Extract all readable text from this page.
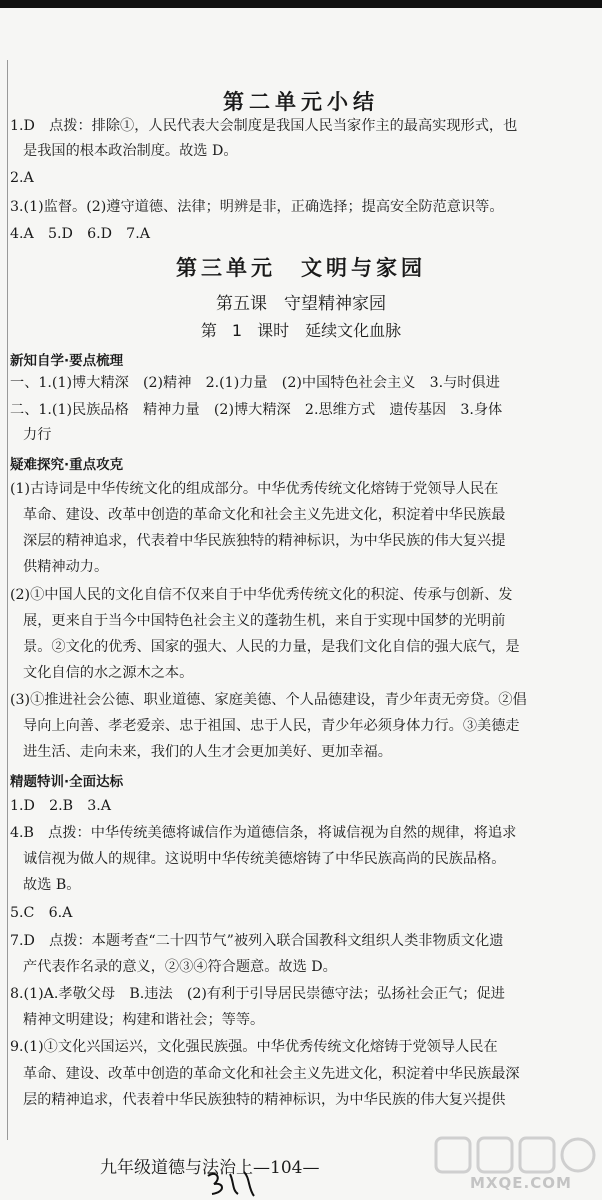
第二单元小结
1.D　点拨：排除①，人民代表大会制度是我国人民当家作主的最高实现形式，也
是我国的根本政治制度。故选 D。
2.A
3.(1)监督。(2)遵守道德、法律；明辨是非，正确选择；提高安全防范意识等。
4.A　5.D　6.D　7.A
第三单元　文明与家园
第五课　守望精神家园
第 1 课时　延续文化血脉
新知自学·要点梳理
一、1.(1)博大精深　(2)精神　2.(1)力量　(2)中国特色社会主义　3.与时俱进
二、1.(1)民族品格　精神力量　(2)博大精深　2.思维方式　遗传基因　3.身体
力行
疑难探究·重点攻克
(1)古诗词是中华传统文化的组成部分。中华优秀传统文化熔铸于党领导人民在
革命、建设、改革中创造的革命文化和社会主义先进文化，积淀着中华民族最
深层的精神追求，代表着中华民族独特的精神标识，为中华民族的伟大复兴提
供精神动力。
(2)①中国人民的文化自信不仅来自于中华优秀传统文化的积淀、传承与创新、发
展，更来自于当今中国特色社会主义的蓬勃生机，来自于实现中国梦的光明前
景。②文化的优秀、国家的强大、人民的力量，是我们文化自信的强大底气，是
文化自信的水之源木之本。
(3)①推进社会公德、职业道德、家庭美德、个人品德建设，青少年责无旁贷。②倡
导向上向善、孝老爱亲、忠于祖国、忠于人民，青少年必须身体力行。③美德走
进生活、走向未来，我们的人生才会更加美好、更加幸福。
精题特训·全面达标
1.D　2.B　3.A
4.B　点拨：中华传统美德将诚信作为道德信条，将诚信视为自然的规律，将追求
诚信视为做人的规律。这说明中华传统美德熔铸了中华民族高尚的民族品格。
故选 B。
5.C　6.A
7.D　点拨：本题考查“二十四节气”被列入联合国教科文组织人类非物质文化遗
产代表作名录的意义，②③④符合题意。故选 D。
8.(1)A.孝敬父母　B.违法　(2)有利于引导居民崇德守法；弘扬社会正气；促进
精神文明建设；构建和谐社会；等等。
9.(1)①文化兴国运兴，文化强民族强。中华优秀传统文化熔铸于党领导人民在
革命、建设、改革中创造的革命文化和社会主义先进文化，积淀着中华民族最深
层的精神追求，代表着中华民族独特的精神标识，为中华民族的伟大复兴提供
九年级道德与法治上—104—
MXQE.COM
